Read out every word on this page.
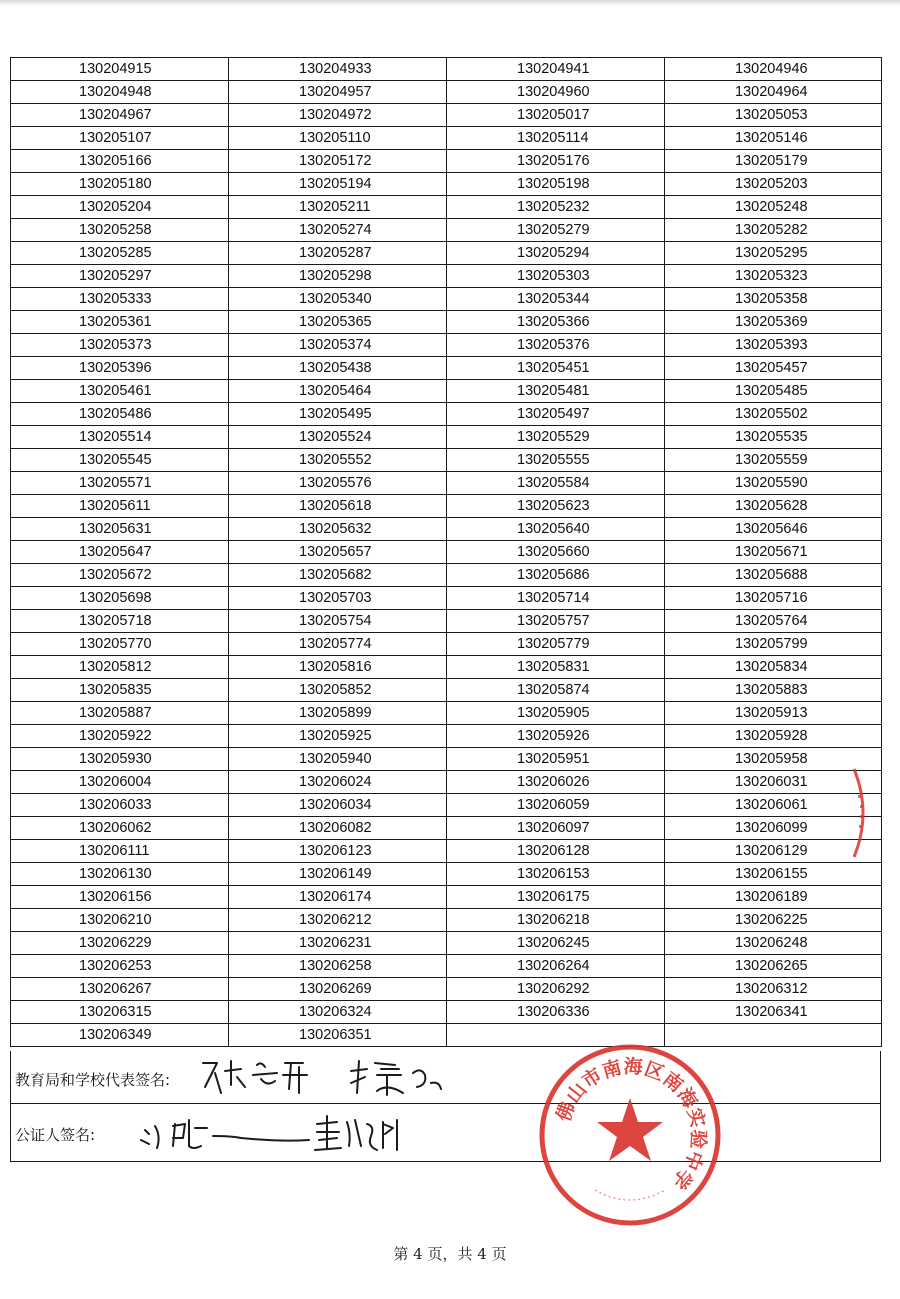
130204915	130204933	130204941	130204946
130204948	130204957	130204960	130204964
130204967	130204972	130205017	130205053
130205107	130205110	130205114	130205146
130205166	130205172	130205176	130205179
130205180	130205194	130205198	130205203
130205204	130205211	130205232	130205248
130205258	130205274	130205279	130205282
130205285	130205287	130205294	130205295
130205297	130205298	130205303	130205323
130205333	130205340	130205344	130205358
130205361	130205365	130205366	130205369
130205373	130205374	130205376	130205393
130205396	130205438	130205451	130205457
130205461	130205464	130205481	130205485
130205486	130205495	130205497	130205502
130205514	130205524	130205529	130205535
130205545	130205552	130205555	130205559
130205571	130205576	130205584	130205590
130205611	130205618	130205623	130205628
130205631	130205632	130205640	130205646
130205647	130205657	130205660	130205671
130205672	130205682	130205686	130205688
130205698	130205703	130205714	130205716
130205718	130205754	130205757	130205764
130205770	130205774	130205779	130205799
130205812	130205816	130205831	130205834
130205835	130205852	130205874	130205883
130205887	130205899	130205905	130205913
130205922	130205925	130205926	130205928
130205930	130205940	130205951	130205958
130206004	130206024	130206026	130206031
130206033	130206034	130206059	130206061
130206062	130206082	130206097	130206099
130206111	130206123	130206128	130206129
130206130	130206149	130206153	130206155
130206156	130206174	130206175	130206189
130206210	130206212	130206218	130206225
130206229	130206231	130206245	130206248
130206253	130206258	130206264	130206265
130206267	130206269	130206292	130206312
130206315	130206324	130206336	130206341
130206349	130206351		
教育局和学校代表签名:
公证人签名:
佛
山
市
南 海
区
南
海
实
验
中
学
第 4 页，共 4 页
